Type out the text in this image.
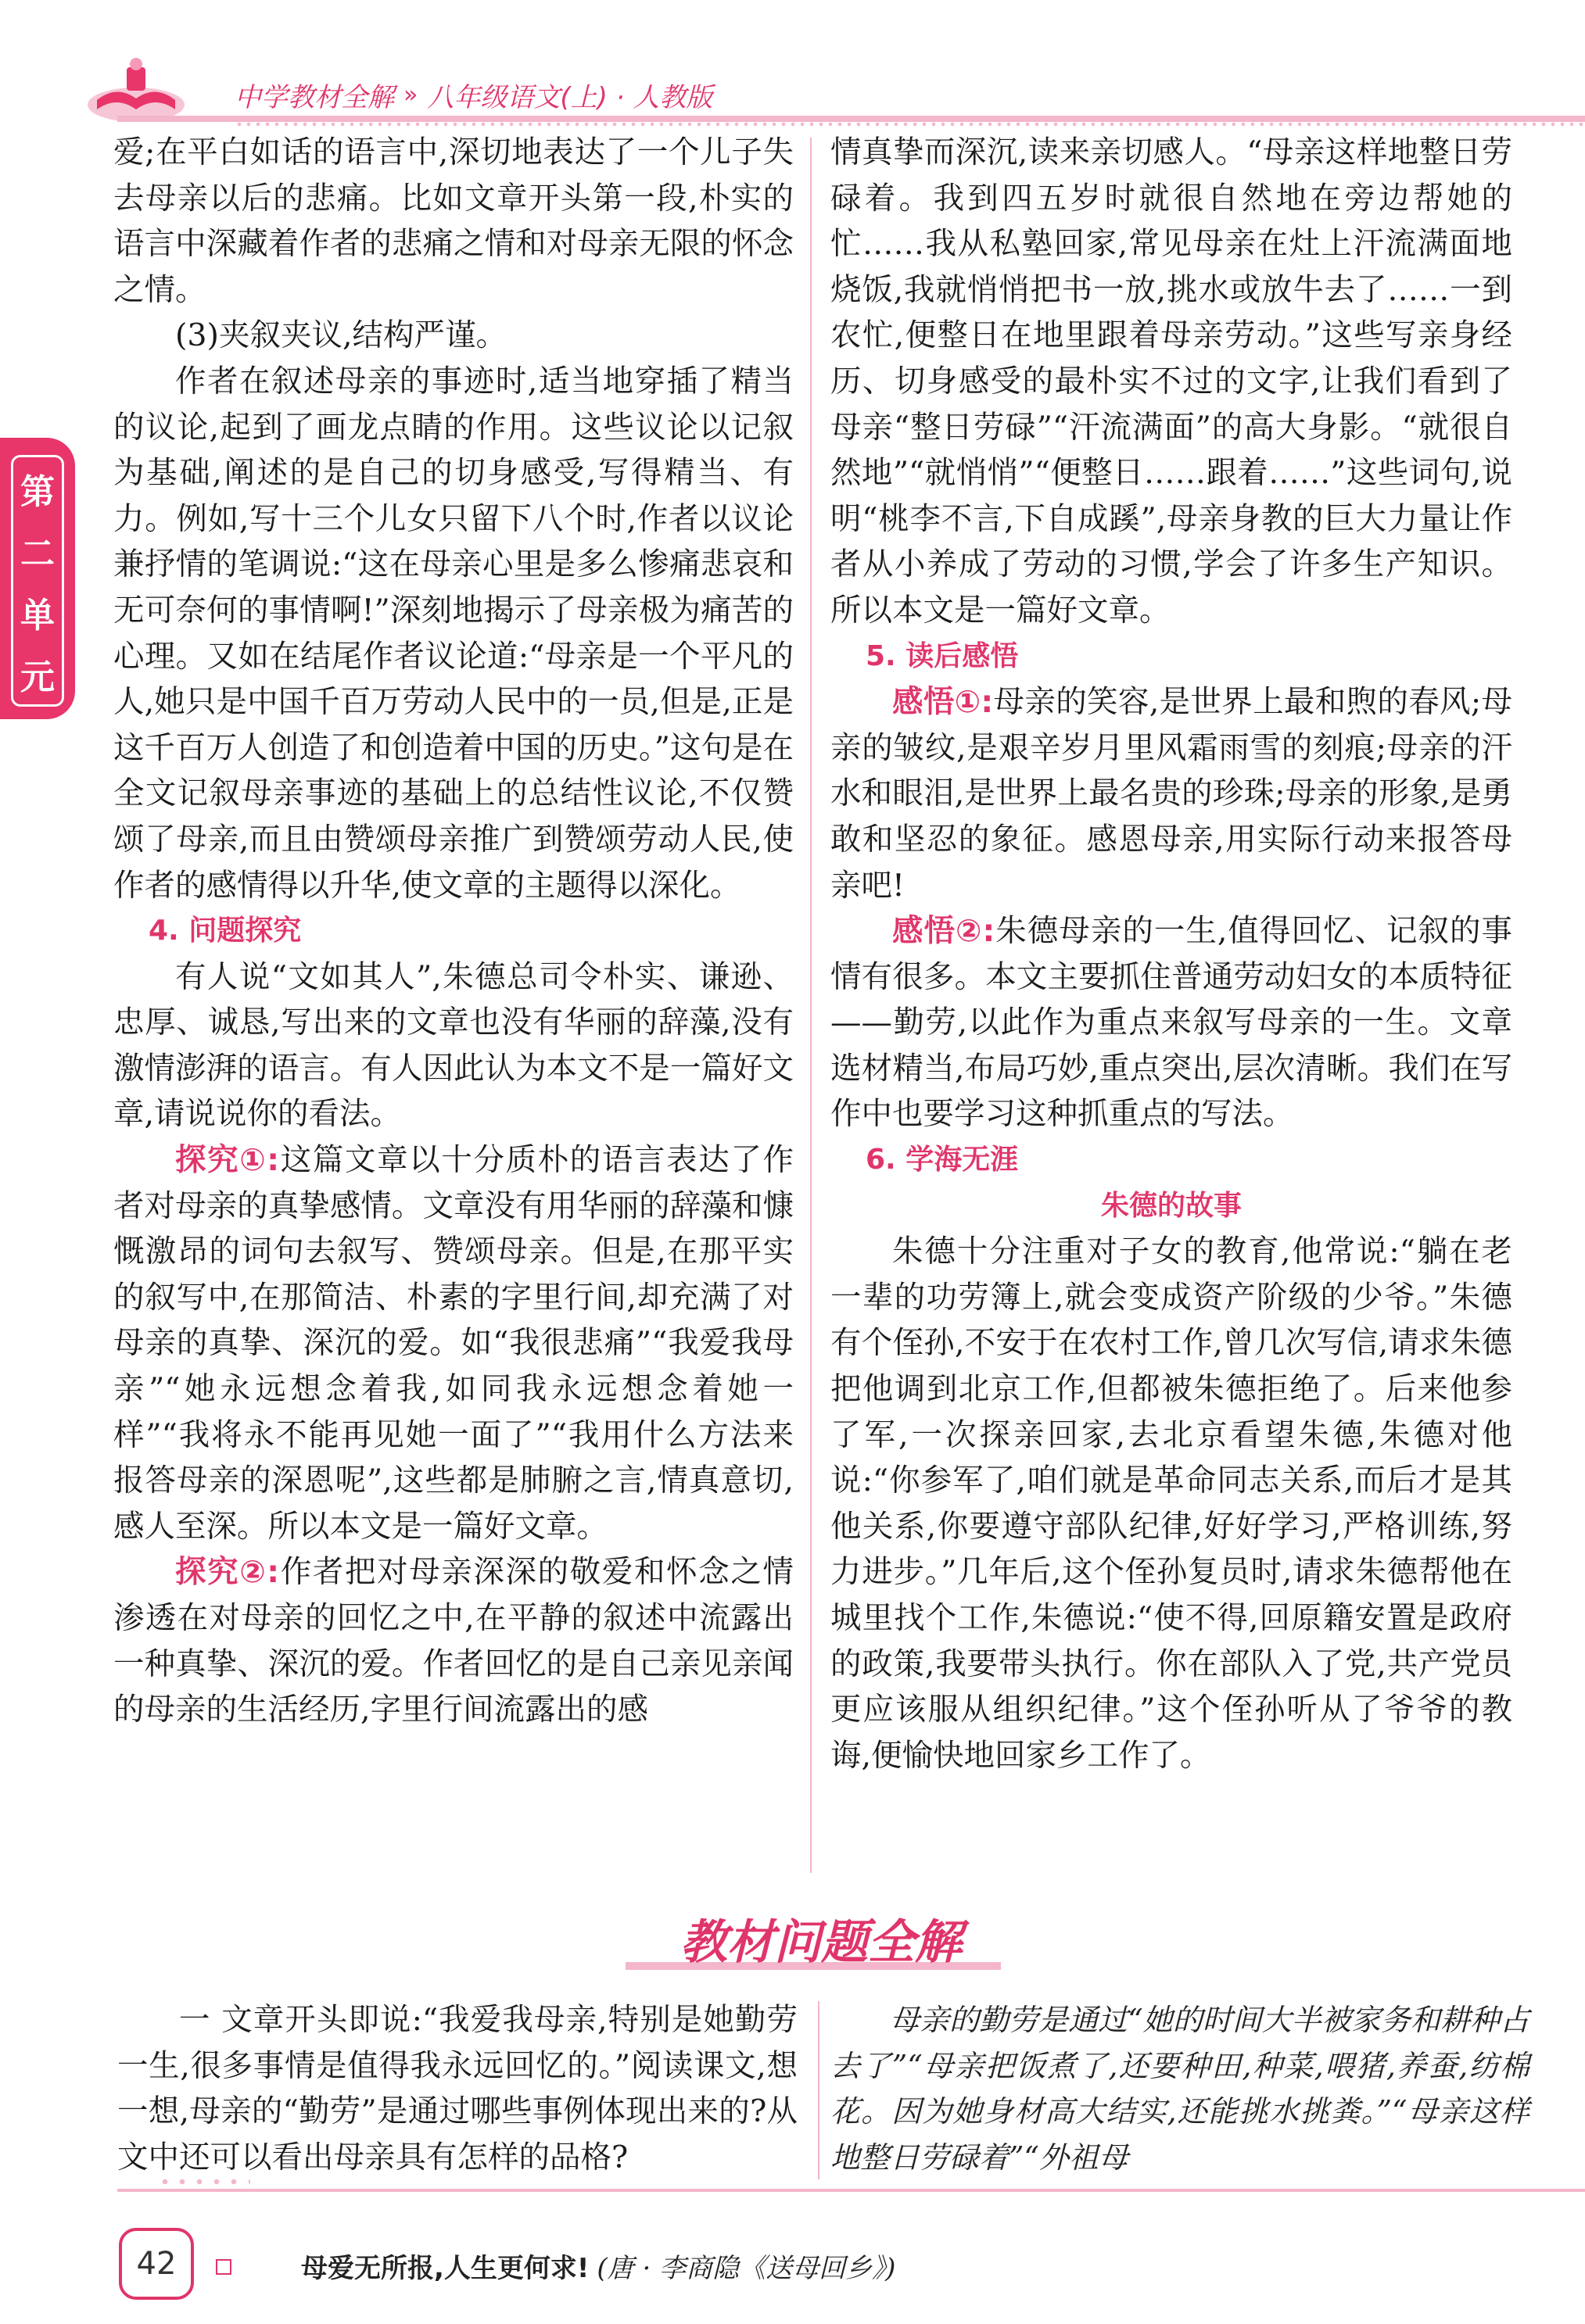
中学教材全解 » 八年级语文(上) · 人教版
第
二
单
元

爱;在平白如话的语言中,深切地表达了一个儿子失去母亲以后的悲痛。比如文章开头第一段,朴实的语言中深藏着作者的悲痛之情和对母亲无限的怀念之情。

(3)夹叙夹议,结构严谨。

作者在叙述母亲的事迹时,适当地穿插了精当的议论,起到了画龙点睛的作用。这些议论以记叙为基础,阐述的是自己的切身感受,写得精当、有力。例如,写十三个儿女只留下八个时,作者以议论兼抒情的笔调说:“这在母亲心里是多么惨痛悲哀和无可奈何的事情啊!”深刻地揭示了母亲极为痛苦的心理。又如在结尾作者议论道:“母亲是一个平凡的人,她只是中国千百万劳动人民中的一员,但是,正是这千百万人创造了和创造着中国的历史。”这句是在全文记叙母亲事迹的基础上的总结性议论,不仅赞颂了母亲,而且由赞颂母亲推广到赞颂劳动人民,使作者的感情得以升华,使文章的主题得以深化。

4. 问题探究

有人说“文如其人”,朱德总司令朴实、谦逊、忠厚、诚恳,写出来的文章也没有华丽的辞藻,没有激情澎湃的语言。有人因此认为本文不是一篇好文章,请说说你的看法。

探究①:这篇文章以十分质朴的语言表达了作者对母亲的真挚感情。文章没有用华丽的辞藻和慷慨激昂的词句去叙写、赞颂母亲。但是,在那平实的叙写中,在那简洁、朴素的字里行间,却充满了对母亲的真挚、深沉的爱。如“我很悲痛”“我爱我母亲”“她永远想念着我,如同我永远想念着她一样”“我将永不能再见她一面了”“我用什么方法来报答母亲的深恩呢”,这些都是肺腑之言,情真意切,感人至深。所以本文是一篇好文章。

探究②:作者把对母亲深深的敬爱和怀念之情渗透在对母亲的回忆之中,在平静的叙述中流露出一种真挚、深沉的爱。作者回忆的是自己亲见亲闻的母亲的生活经历,字里行间流露出的感

情真挚而深沉,读来亲切感人。“母亲这样地整日劳碌着。我到四五岁时就很自然地在旁边帮她的忙……我从私塾回家,常见母亲在灶上汗流满面地烧饭,我就悄悄把书一放,挑水或放牛去了……一到农忙,便整日在地里跟着母亲劳动。”这些写亲身经历、切身感受的最朴实不过的文字,让我们看到了母亲“整日劳碌”“汗流满面”的高大身影。“就很自然地”“就悄悄”“便整日……跟着……”这些词句,说明“桃李不言,下自成蹊”,母亲身教的巨大力量让作者从小养成了劳动的习惯,学会了许多生产知识。所以本文是一篇好文章。

5. 读后感悟

感悟①:母亲的笑容,是世界上最和煦的春风;母亲的皱纹,是艰辛岁月里风霜雨雪的刻痕;母亲的汗水和眼泪,是世界上最名贵的珍珠;母亲的形象,是勇敢和坚忍的象征。感恩母亲,用实际行动来报答母亲吧!

感悟②:朱德母亲的一生,值得回忆、记叙的事情有很多。本文主要抓住普通劳动妇女的本质特征——勤劳,以此作为重点来叙写母亲的一生。文章选材精当,布局巧妙,重点突出,层次清晰。我们在写作中也要学习这种抓重点的写法。

6. 学海无涯

朱德的故事

朱德十分注重对子女的教育,他常说:“躺在老一辈的功劳簿上,就会变成资产阶级的少爷。”朱德有个侄孙,不安于在农村工作,曾几次写信,请求朱德把他调到北京工作,但都被朱德拒绝了。后来他参了军,一次探亲回家,去北京看望朱德,朱德对他说:“你参军了,咱们就是革命同志关系,而后才是其他关系,你要遵守部队纪律,好好学习,严格训练,努力进步。”几年后,这个侄孙复员时,请求朱德帮他在城里找个工作,朱德说:“使不得,回原籍安置是政府的政策,我要带头执行。你在部队入了党,共产党员更应该服从组织纪律。”这个侄孙听从了爷爷的教诲,便愉快地回家乡工作了。

教材问题全解

一 文章开头即说:“我爱我母亲,特别是她勤劳一生,很多事情是值得我永远回忆的。”阅读课文,想一想,母亲的“勤劳”是通过哪些事例体现出来的?从文中还可以看出母亲具有怎样的品格?

母亲的勤劳是通过“她的时间大半被家务和耕种占去了”“母亲把饭煮了,还要种田,种菜,喂猪,养蚕,纺棉花。因为她身材高大结实,还能挑水挑粪。”“母亲这样地整日劳碌着”“外祖母

42	母爱无所报,人生更何求! (唐 · 李商隐《送母回乡》)
